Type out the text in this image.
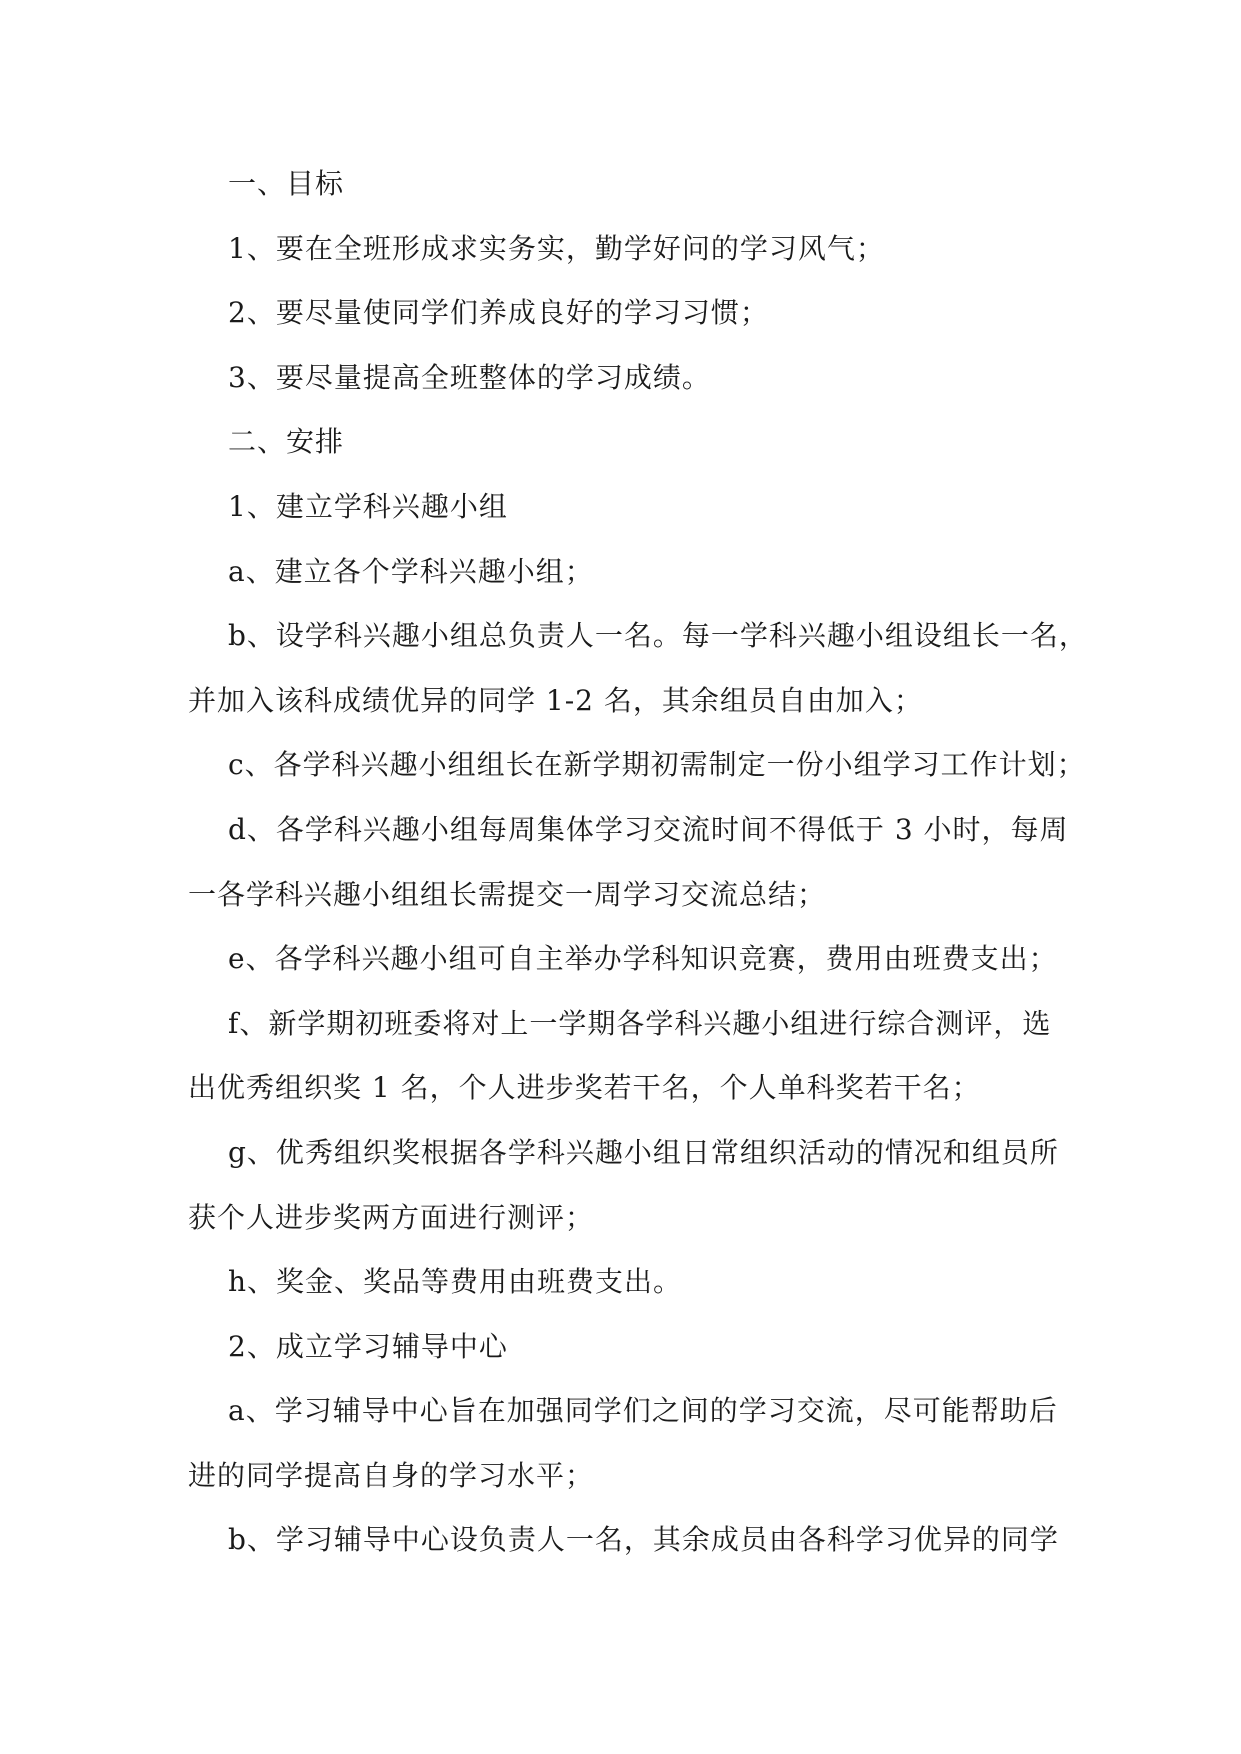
一、目标
1、要在全班形成求实务实，勤学好问的学习风气；
2、要尽量使同学们养成良好的学习习惯；
3、要尽量提高全班整体的学习成绩。
二、安排
1、建立学科兴趣小组
a、建立各个学科兴趣小组；
b、设学科兴趣小组总负责人一名。每一学科兴趣小组设组长一名，
并加入该科成绩优异的同学 1-2 名，其余组员自由加入；
c、各学科兴趣小组组长在新学期初需制定一份小组学习工作计划；
d、各学科兴趣小组每周集体学习交流时间不得低于 3 小时，每周
一各学科兴趣小组组长需提交一周学习交流总结；
e、各学科兴趣小组可自主举办学科知识竞赛，费用由班费支出；
f、新学期初班委将对上一学期各学科兴趣小组进行综合测评，选
出优秀组织奖 1 名，个人进步奖若干名，个人单科奖若干名；
g、优秀组织奖根据各学科兴趣小组日常组织活动的情况和组员所
获个人进步奖两方面进行测评；
h、奖金、奖品等费用由班费支出。
2、成立学习辅导中心
a、学习辅导中心旨在加强同学们之间的学习交流，尽可能帮助后
进的同学提高自身的学习水平；
b、学习辅导中心设负责人一名，其余成员由各科学习优异的同学
